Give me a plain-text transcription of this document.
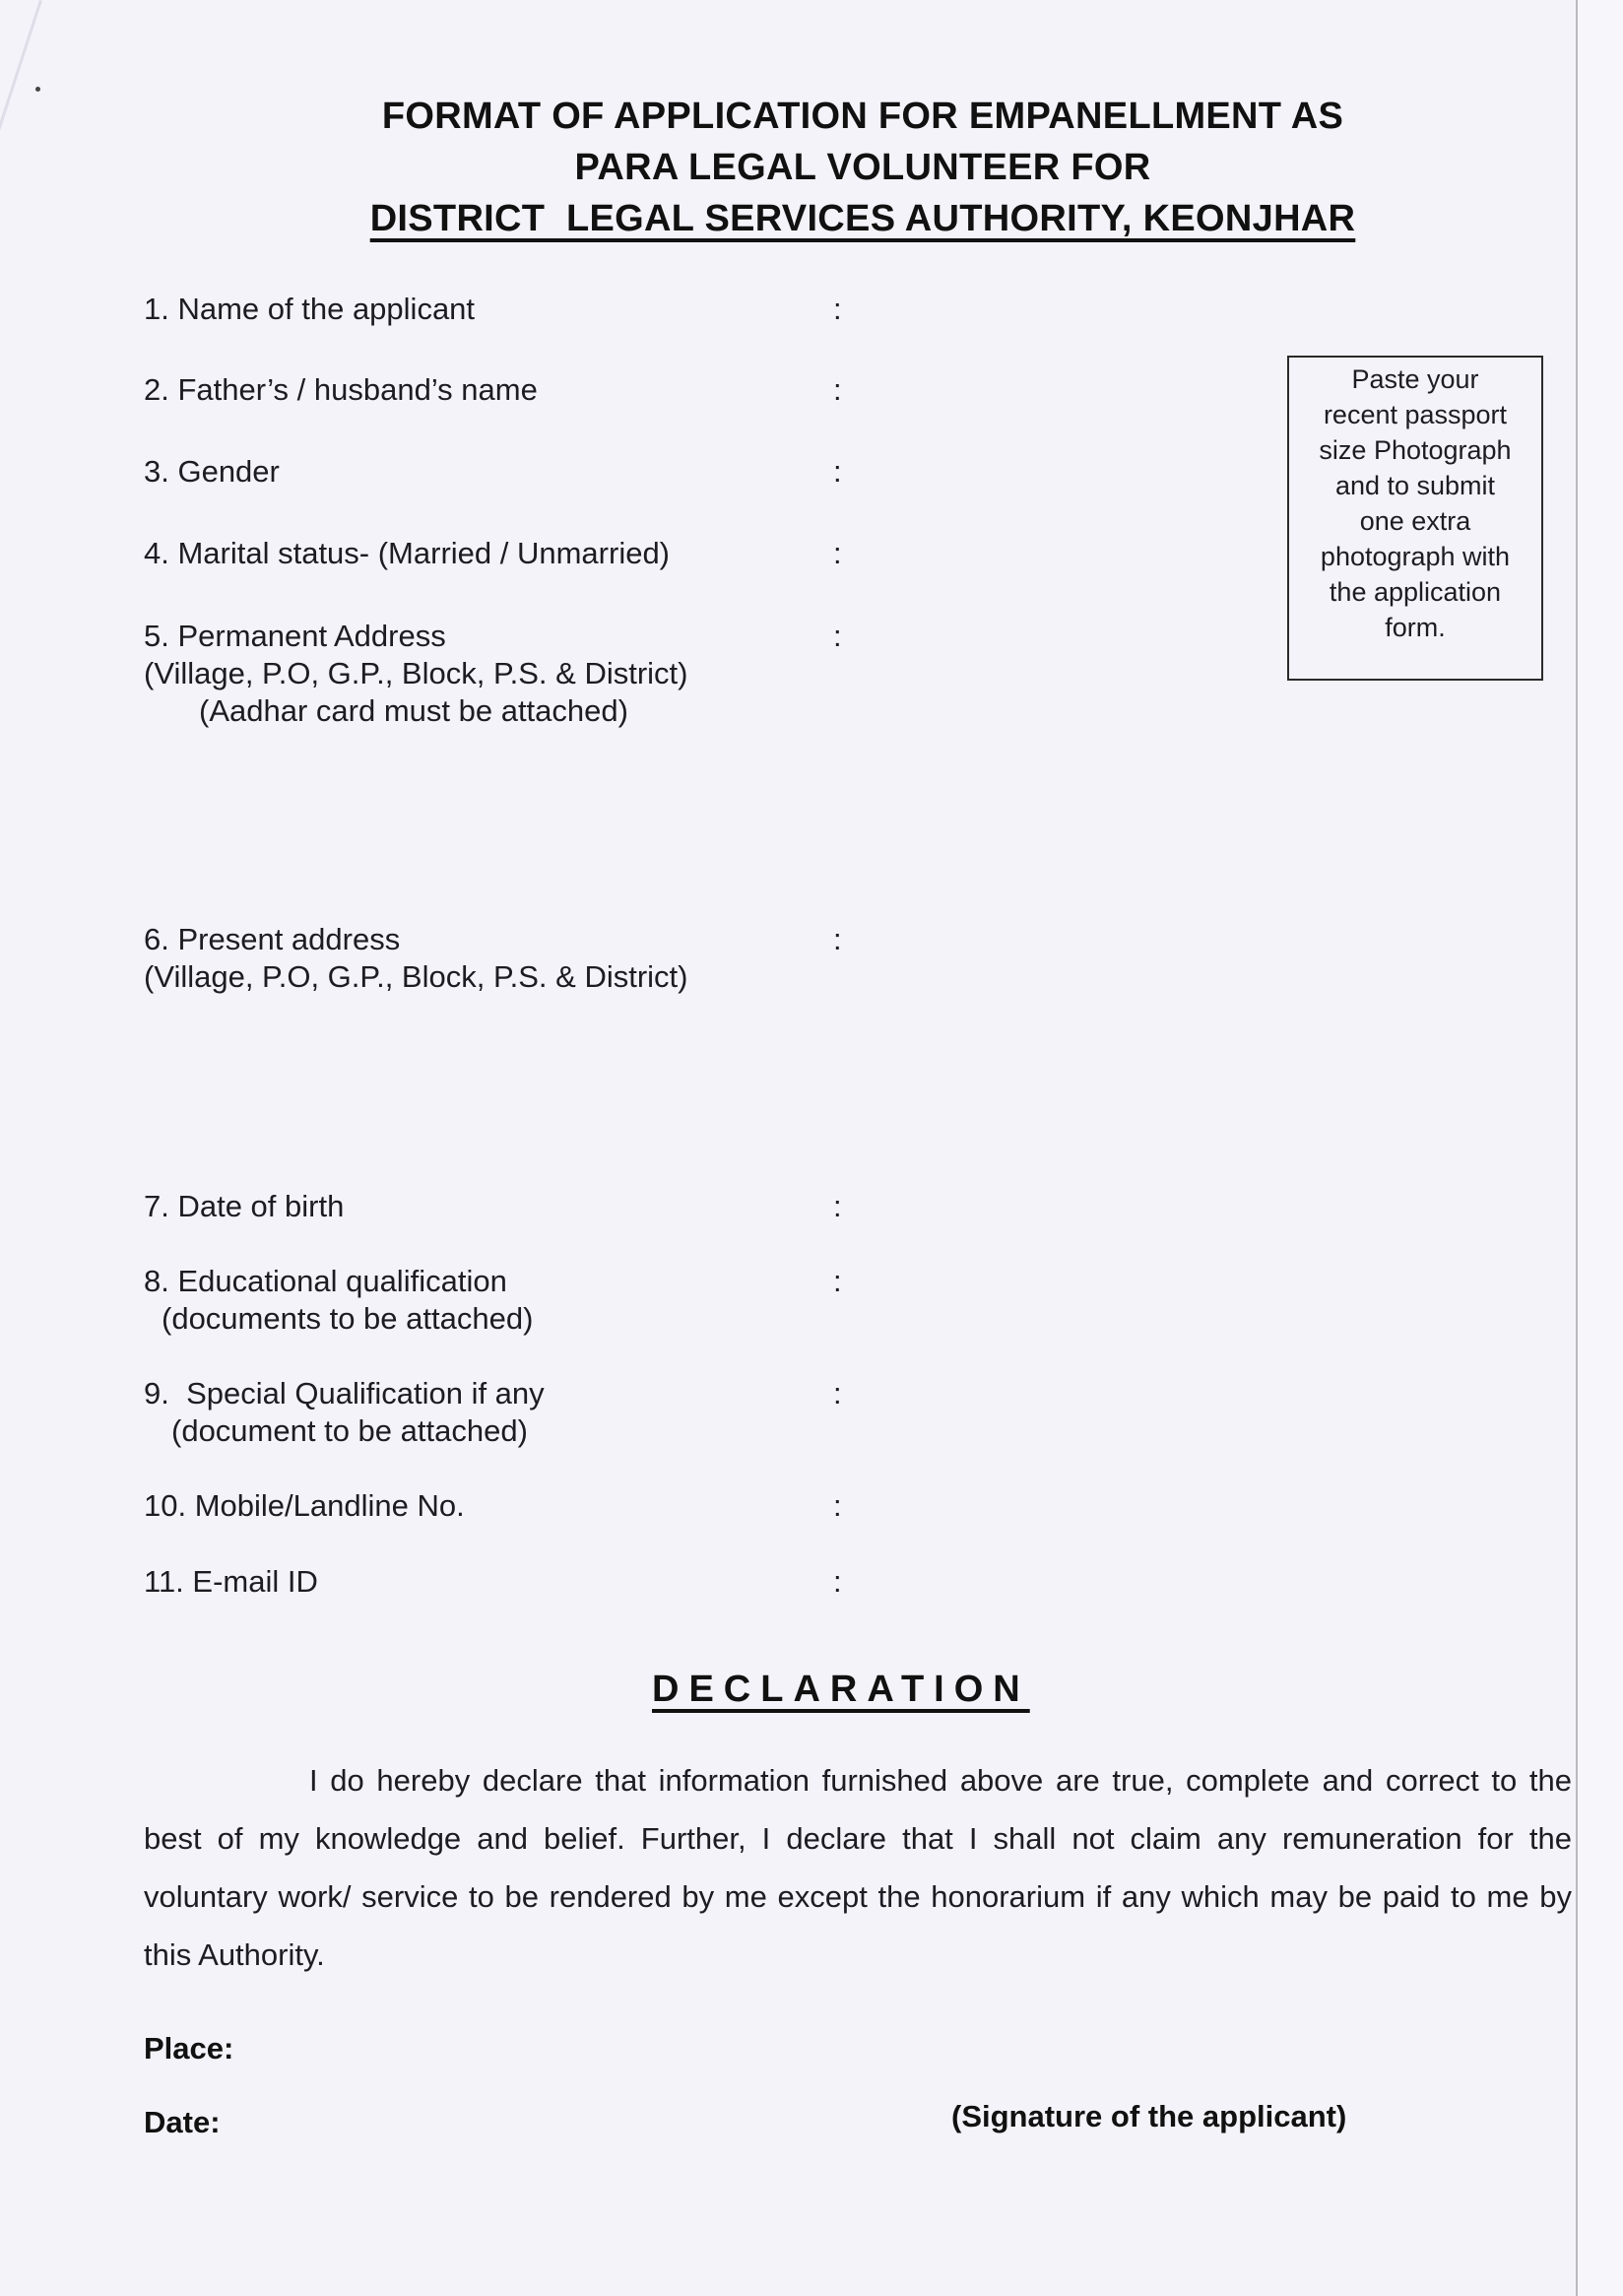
FORMAT OF APPLICATION FOR EMPANELLMENT AS
PARA LEGAL VOLUNTEER FOR
DISTRICT  LEGAL SERVICES AUTHORITY, KEONJHAR
1. Name of the applicant	:
2. Father’s / husband’s name	:
3. Gender	:
4. Marital status- (Married / Unmarried)	:
5. Permanent Address
(Village, P.O, G.P., Block, P.S. & District)
(Aadhar card must be attached)
:
6. Present address
(Village, P.O, G.P., Block, P.S. & District)
:
7. Date of birth	:
8. Educational qualification
(documents to be attached)
:
9.  Special Qualification if any
(document to be attached)
:
10. Mobile/Landline No.	:
11. E-mail ID	:
Paste your
recent passport
size Photograph
and to submit
one extra
photograph with
the application
form.
DECLARATION
I do hereby declare that information furnished above are true, complete and correct to the best of my knowledge and belief. Further, I declare that I shall not claim any remuneration for the voluntary work/ service to be rendered by me except the honorarium if any which may be paid to me by this Authority.
Place:
Date:	(Signature of the applicant)
